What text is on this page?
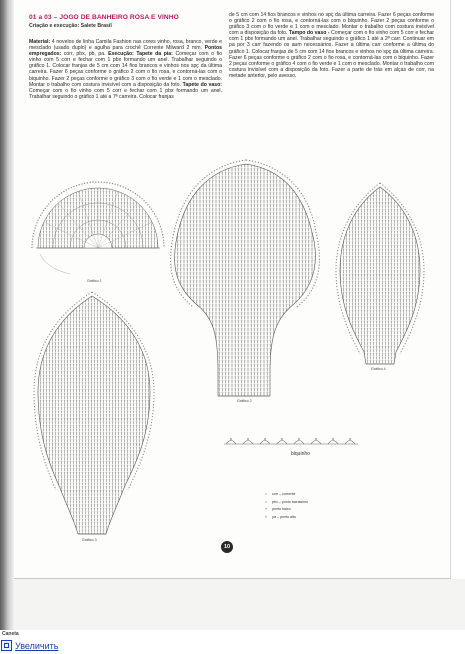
01 a 03 – JOGO DE BANHEIRO ROSA E VINHO
Criação e execução: Salete Brasil

Material: 4 novelos de linha Camila Fashion nas cores vinho, rosa, branco, verde e mesclado (usado duplo) e agulha para crochê Corrente Milward 2 mm. Pontos empregados: corr, pbx, pb, pa. Execução: Tapete da pia: Começar com o fio vinho com 5 corr e fechar com 1 pbx formando um anel. Trabalhar seguindo o gráfico 1. Colocar franjas de 5 cm com 14 fios brancos e vinhos nos spç da última carreira. Fazer 6 peças conforme o gráfico 2 com o fio rosa, e contorná-las com o biquinho. Fazer 2 peças conforme o gráfico 3 com o fio verde e 1 com o mesclado. Montar o trabalho com costura invisível com a disposição da foto. Tapete do vaso: Começar com o fio vinho com 5 corr e fechar com 1 pbx formando um anel. Trabalhar seguindo o gráfico 1 até a 7ª carreira. Colocar franjas

de 5 cm com 14 fios brancos e vinhos no spç da última carreira. Fazer 6 peças conforme o gráfico 2 com o fio rosa, e contorná-las com o biquinho. Fazer 2 peças conforme o gráfico 3 com o fio verde e 1 com o mesclado. Montar o trabalho com costura invisível com a disposição da foto. Tampo do vaso - Começar com o fio vinho com 5 corr e fechar com 1 pbx formando um anel. Trabalhar seguindo o gráfico 1 até a 2ª carr. Continuar em pa por 3 carr fazendo os aum necessários. Fazer a última carr conforme a última do gráfico 1. Colocar franjas de 5 cm com 14 fios brancos e vinhos no spç da última carreira. Fazer 6 peças conforme o gráfico 2 com o fio rosa, e contorná-las com o biquinho. Fazer 2 peças conforme o gráfico 4 com o fio verde e 1 com o mesclado. Montar o trabalho com costura invisível com a disposição da foto. Fazer a parte de trás em alças de corr, na metade anterior, pelo avesso.

Gráfico 1
Gráfico 2
Gráfico 3
Gráfico 4
biquinho
○	corr – corrente
•	pbx – ponto baxíssimo
+	ponto baixo
ⱡ	pa – ponto alto
10
Caneta
Увеличить
